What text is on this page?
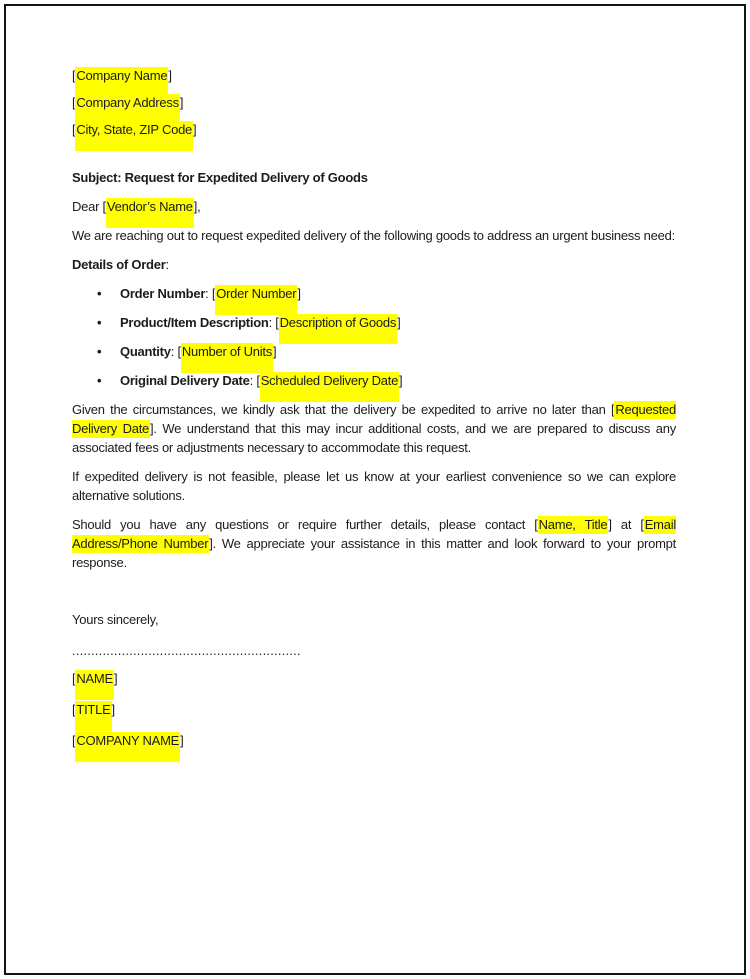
[Company Name]

[Company Address]

[City, State, ZIP Code]

Subject: Request for Expedited Delivery of Goods

Dear [Vendor’s Name],

We are reaching out to request expedited delivery of the following goods to address an urgent business need:

Details of Order:

• Order Number: [Order Number]
• Product/Item Description: [Description of Goods]
• Quantity: [Number of Units]
• Original Delivery Date: [Scheduled Delivery Date]

Given the circumstances, we kindly ask that the delivery be expedited to arrive no later than [Requested Delivery Date]. We understand that this may incur additional costs, and we are prepared to discuss any associated fees or adjustments necessary to accommodate this request.

If expedited delivery is not feasible, please let us know at your earliest convenience so we can explore alternative solutions.

Should you have any questions or require further details, please contact [Name, Title] at [Email Address/Phone Number]. We appreciate your assistance in this matter and look forward to your prompt response.

Yours sincerely,

............................................................

[NAME]

[TITLE]

[COMPANY NAME]
